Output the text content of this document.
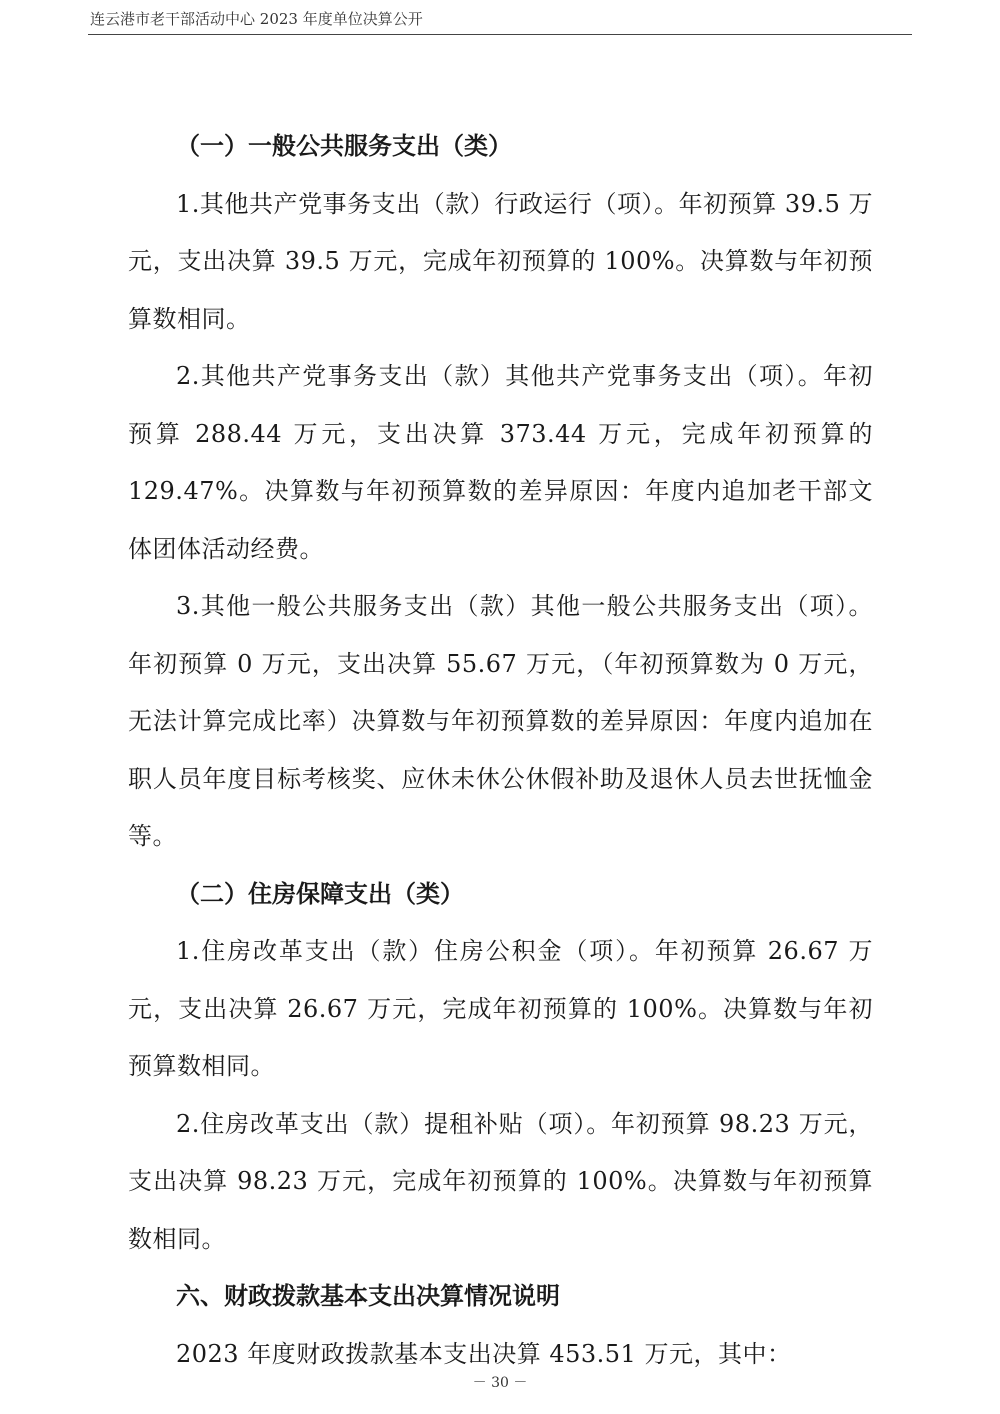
连云港市老干部活动中心 2023 年度单位决算公开

（一）一般公共服务支出（类）

1.其他共产党事务支出（款）行政运行（项）。年初预算 39.5 万元，支出决算 39.5 万元，完成年初预算的 100%。决算数与年初预算数相同。

2.其他共产党事务支出（款）其他共产党事务支出（项）。年初预算 288.44 万元，支出决算 373.44 万元，完成年初预算的 129.47%。决算数与年初预算数的差异原因：年度内追加老干部文体团体活动经费。

3.其他一般公共服务支出（款）其他一般公共服务支出（项）。年初预算 0 万元，支出决算 55.67 万元，（年初预算数为 0 万元，无法计算完成比率）决算数与年初预算数的差异原因：年度内追加在职人员年度目标考核奖、应休未休公休假补助及退休人员去世抚恤金等。

（二）住房保障支出（类）

1.住房改革支出（款）住房公积金（项）。年初预算 26.67 万元，支出决算 26.67 万元，完成年初预算的 100%。决算数与年初预算数相同。

2.住房改革支出（款）提租补贴（项）。年初预算 98.23 万元，支出决算 98.23 万元，完成年初预算的 100%。决算数与年初预算数相同。

六、财政拨款基本支出决算情况说明

2023 年度财政拨款基本支出决算 453.51 万元，其中：

－ 30 －
